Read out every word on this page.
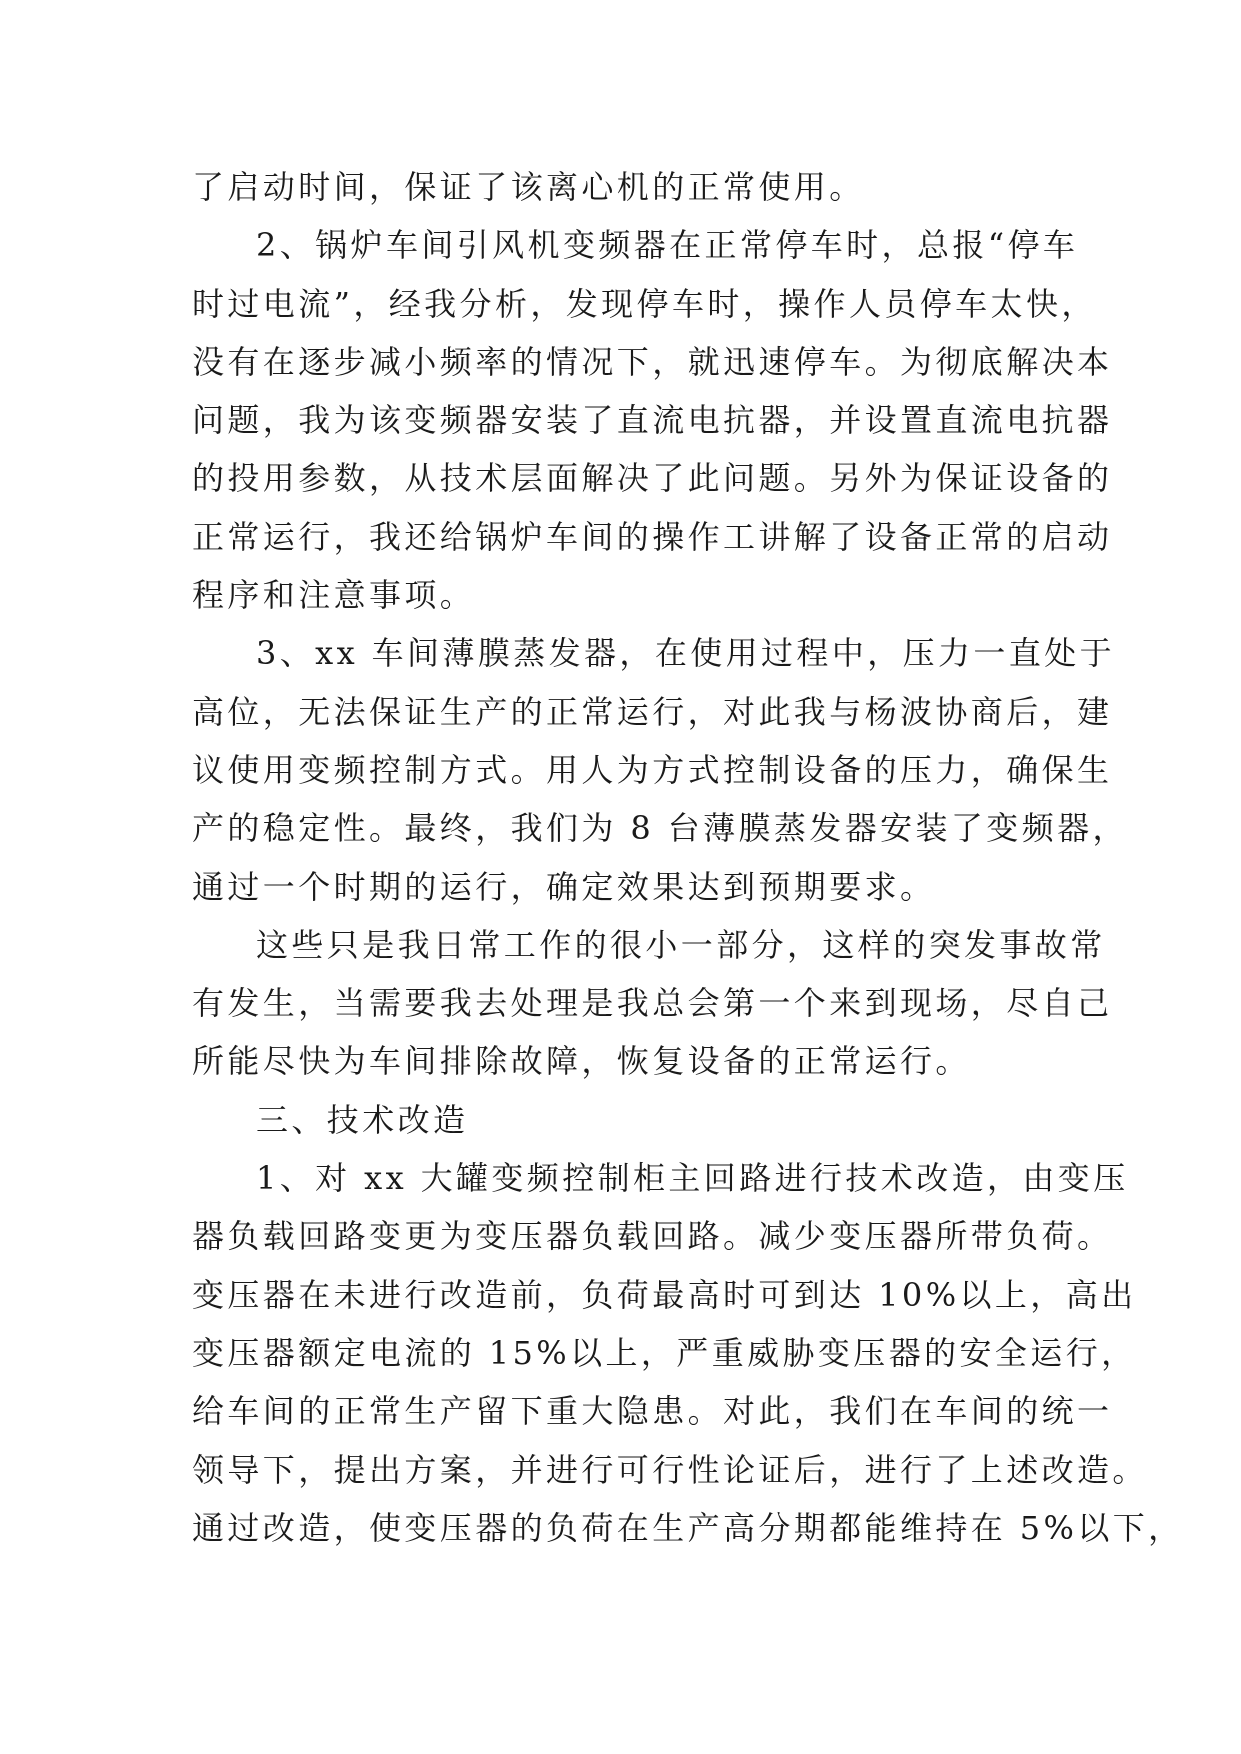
了启动时间，保证了该离心机的正常使用。
2、锅炉车间引风机变频器在正常停车时，总报“停车
时过电流”，经我分析，发现停车时，操作人员停车太快，
没有在逐步减小频率的情况下，就迅速停车。为彻底解决本
问题，我为该变频器安装了直流电抗器，并设置直流电抗器
的投用参数，从技术层面解决了此问题。另外为保证设备的
正常运行，我还给锅炉车间的操作工讲解了设备正常的启动
程序和注意事项。
3、xx 车间薄膜蒸发器，在使用过程中，压力一直处于
高位，无法保证生产的正常运行，对此我与杨波协商后，建
议使用变频控制方式。用人为方式控制设备的压力，确保生
产的稳定性。最终，我们为 8 台薄膜蒸发器安装了变频器，
通过一个时期的运行，确定效果达到预期要求。
这些只是我日常工作的很小一部分，这样的突发事故常
有发生，当需要我去处理是我总会第一个来到现场，尽自己
所能尽快为车间排除故障，恢复设备的正常运行。
三、技术改造
1、对 xx 大罐变频控制柜主回路进行技术改造，由变压
器负载回路变更为变压器负载回路。减少变压器所带负荷。
变压器在未进行改造前，负荷最高时可到达 10%以上，高出
变压器额定电流的 15%以上，严重威胁变压器的安全运行，
给车间的正常生产留下重大隐患。对此，我们在车间的统一
领导下，提出方案，并进行可行性论证后，进行了上述改造。
通过改造，使变压器的负荷在生产高分期都能维持在 5%以下，
